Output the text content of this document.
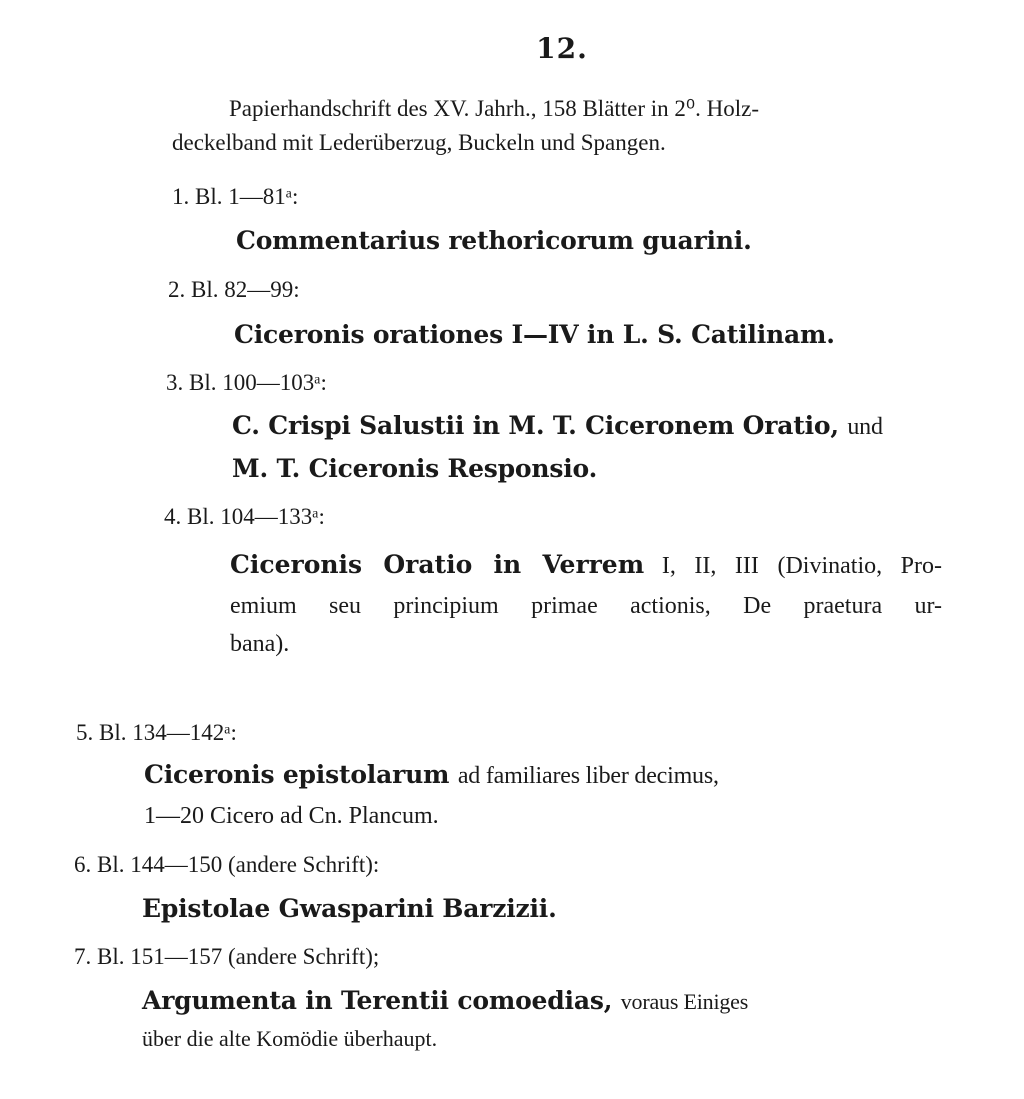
12.
Papierhandschrift des XV. Jahrh., 158 Blätter in 2⁰. Holz-
deckelband mit Lederüberzug, Buckeln und Spangen.
1. Bl. 1—81ᵃ:
Commentarius rethoricorum guarini.
2. Bl. 82—99:
Ciceronis orationes I—IV in L. S. Catilinam.
3. Bl. 100—103ᵃ:
C. Crispi Salustii in M. T. Ciceronem Oratio, und
M. T. Ciceronis Responsio.
4. Bl. 104—133ᵃ:
Ciceronis Oratio in Verrem I, II, III (Divinatio, Pro-
emium seu principium primae actionis, De praetura ur-
bana).
5. Bl. 134—142ᵃ:
Ciceronis epistolarum ad familiares liber decimus,
1—20 Cicero ad Cn. Plancum.
6. Bl. 144—150 (andere Schrift):
Epistolae Gwasparini Barzizii.
7. Bl. 151—157 (andere Schrift);
Argumenta in Terentii comoedias, voraus Einiges
über die alte Komödie überhaupt.
